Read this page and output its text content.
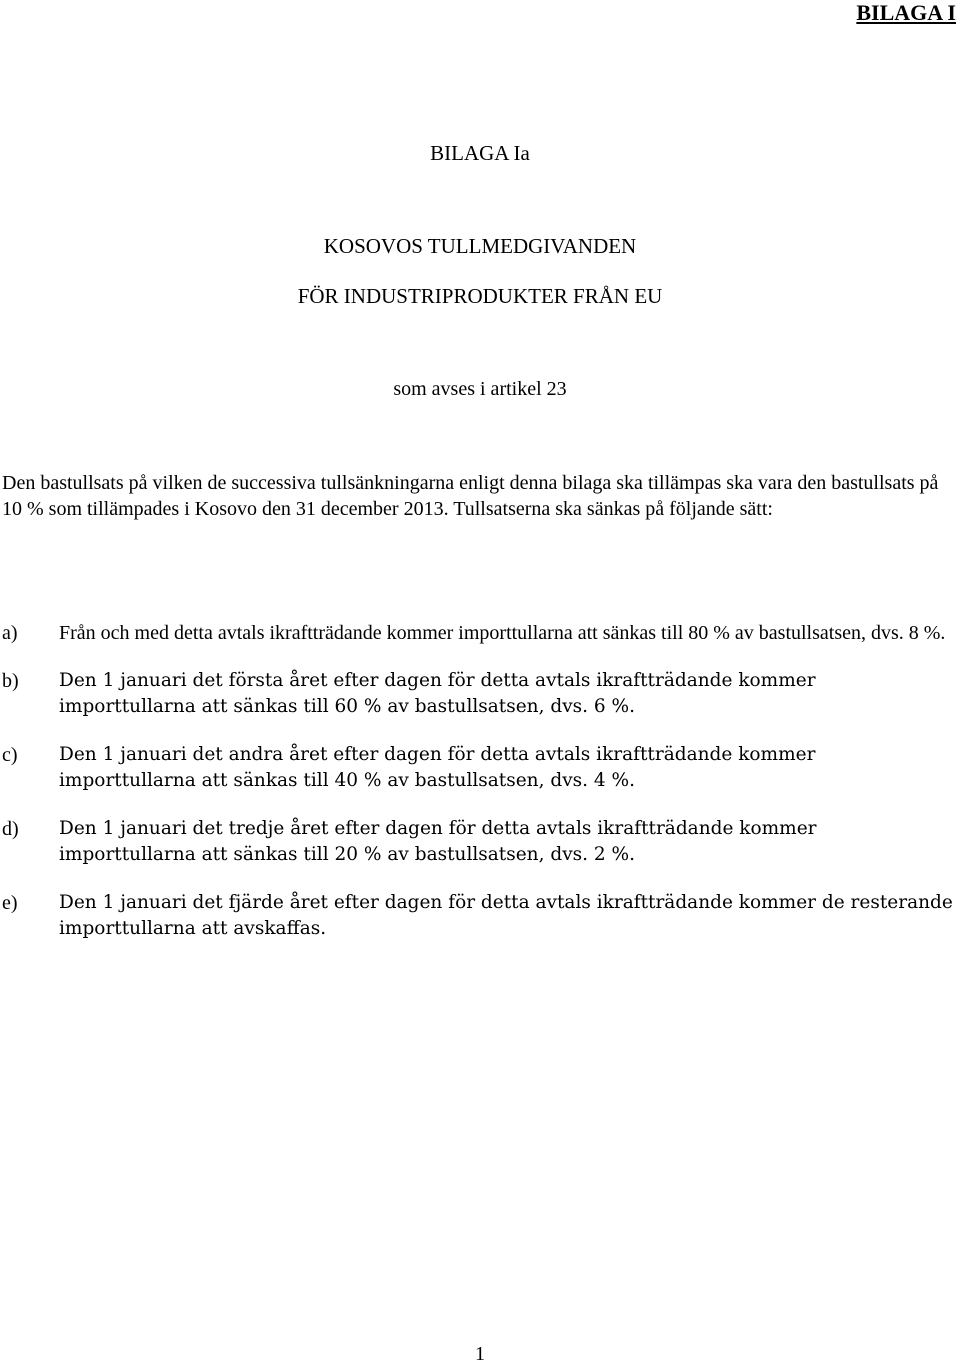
BILAGA I
BILAGA Ia
KOSOVOS TULLMEDGIVANDEN
FÖR INDUSTRIPRODUKTER FRÅN EU
som avses i artikel 23

Den bastullsats på vilken de successiva tullsänkningarna enligt denna bilaga ska tillämpas ska vara den bastullsats på 10 % som tillämpades i Kosovo den 31 december 2013. Tullsatserna ska sänkas på följande sätt:

a)	Från och med detta avtals ikraftträdande kommer importtullarna att sänkas till 80 % av bastullsatsen, dvs. 8 %.
b)	Den 1 januari det första året efter dagen för detta avtals ikraftträdande kommer importtullarna att sänkas till 60 % av bastullsatsen, dvs. 6 %.
c)	Den 1 januari det andra året efter dagen för detta avtals ikraftträdande kommer importtullarna att sänkas till 40 % av bastullsatsen, dvs. 4 %.
d)	Den 1 januari det tredje året efter dagen för detta avtals ikraftträdande kommer importtullarna att sänkas till 20 % av bastullsatsen, dvs. 2 %.
e)	Den 1 januari det fjärde året efter dagen för detta avtals ikraftträdande kommer de resterande importtullarna att avskaffas.
1
